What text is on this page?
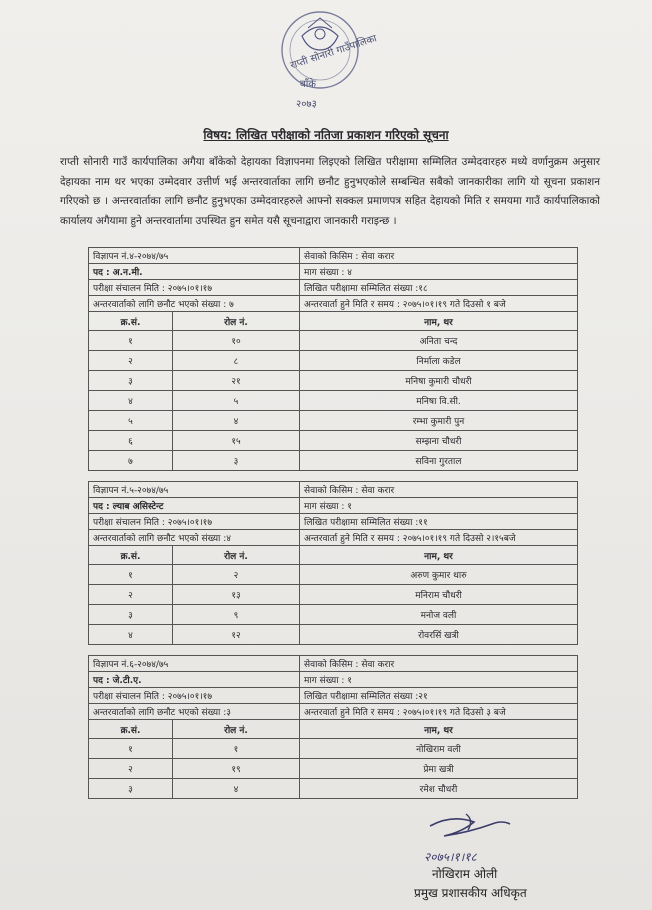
राप्ती सोनारी गाउँपालिका
बाँके
२०७३
विषय: लिखित परीक्षाको नतिजा प्रकाशन गरिएको सूचना
राप्ती सोनारी गाउँ कार्यपालिका अगैया बाँकेको देहायका विज्ञापनमा लिइएको लिखित परीक्षामा सम्मिलित उम्मेदवारहरु मध्ये वर्णानुक्रम अनुसार देहायका नाम थर भएका उम्मेदवार उत्तीर्ण भई अन्तरवार्ताका लागि छनौट हुनुभएकोले सम्बन्धित सबैको जानकारीका लागि यो सूचना प्रकाशन गरिएको छ । अन्तरवार्ताका लागि छनौट हुनुभएका उम्मेदवारहरुले आफ्नो सक्कल प्रमाणपत्र सहित देहायको मिति र समयमा गाउँ कार्यपालिकाको कार्यालय अगैयामा हुने अन्तरवार्तामा उपस्थित हुन समेत यसै सूचनाद्वारा जानकारी गराइन्छ ।
विज्ञापन नं.४-२०७४/७५	सेवाको किसिम : सेवा करार
पद : अ.न.मी.	माग संख्या : ४
परीक्षा संचालन मिति : २०७५।०१।१७	लिखित परीक्षामा सम्मिलित संख्या :१८
अन्तरवार्ताको लागि छनौट भएको संख्या : ७	अन्तरवार्ता हुने मिति र समय : २०७५।०१।१९ गते दिउसो १ बजे
क्र.सं.	रोल नं.	नाम, थर
१	१०	अनिता चन्द
२	८	निर्माला कडेल
३	२१	मनिषा कुमारी चौधरी
४	५	मनिषा वि.सी.
५	४	रम्भा कुमारी पुन
६	१५	सम्झना चौधरी
७	३	सविना गुरताल
विज्ञापन नं.५-२०७४/७५	सेवाको किसिम : सेवा करार
पद : ल्याब असिस्टेन्ट	माग संख्या : १
परीक्षा संचालन मिति : २०७५।०१।१७	लिखित परीक्षामा सम्मिलित संख्या :११
अन्तरवार्ताको लागि छनौट भएको संख्या :४	अन्तरवार्ता हुने मिति र समय : २०७५।०१।१९ गते दिउसो २।१५बजे
क्र.सं.	रोल नं.	नाम, थर
१	२	अरुण कुमार थारु
२	१३	मनिराम चौधरी
३	९	मनोज वली
४	१२	रोवरसिं खत्री
विज्ञापन नं.६-२०७४/७५	सेवाको किसिम : सेवा करार
पद : जे.टी.ए.	माग संख्या : १
परीक्षा संचालन मिति : २०७५।०१।१७	लिखित परीक्षामा सम्मिलित संख्या :२१
अन्तरवार्ताको लागि छनौट भएको संख्या :३	अन्तरवार्ता हुने मिति र समय : २०७५।०१।१९ गते दिउसो ३ बजे
क्र.सं.	रोल नं.	नाम, थर
१	१	नोखिराम वली
२	१९	प्रेमा खत्री
३	४	रमेश चौधरी
२०७५।१।१८
नोखिराम ओली
प्रमुख प्रशासकीय अधिकृत
